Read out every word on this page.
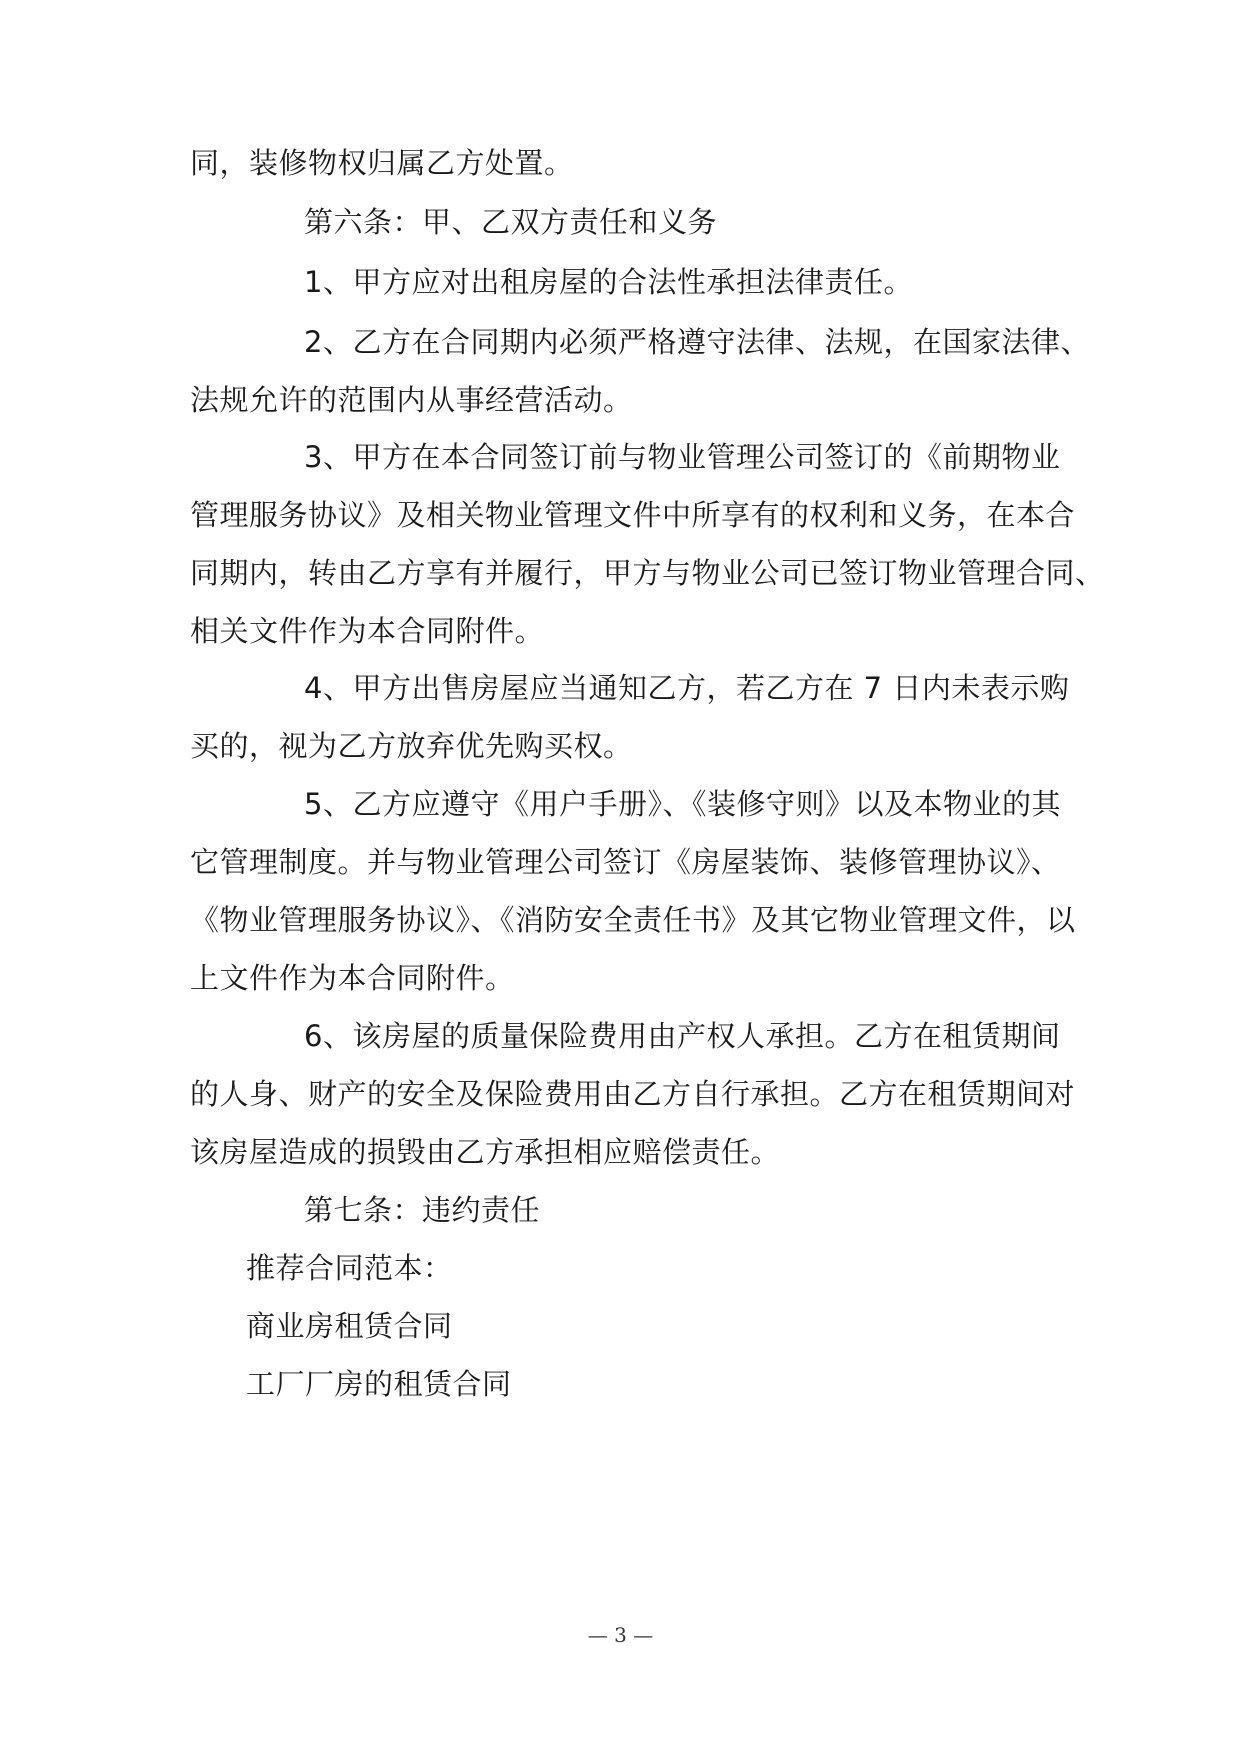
同，装修物权归属乙方处置。
第六条：甲、乙双方责任和义务
1、甲方应对出租房屋的合法性承担法律责任。
2、乙方在合同期内必须严格遵守法律、法规，在国家法律、
法规允许的范围内从事经营活动。
3、甲方在本合同签订前与物业管理公司签订的《前期物业
管理服务协议》及相关物业管理文件中所享有的权利和义务，在本合
同期内，转由乙方享有并履行，甲方与物业公司已签订物业管理合同、
相关文件作为本合同附件。
4、甲方出售房屋应当通知乙方，若乙方在 7 日内未表示购
买的，视为乙方放弃优先购买权。
5、乙方应遵守《用户手册》、《装修守则》以及本物业的其
它管理制度。并与物业管理公司签订《房屋装饰、装修管理协议》、
《物业管理服务协议》、《消防安全责任书》及其它物业管理文件，以
上文件作为本合同附件。
6、该房屋的质量保险费用由产权人承担。乙方在租赁期间
的人身、财产的安全及保险费用由乙方自行承担。乙方在租赁期间对
该房屋造成的损毁由乙方承担相应赔偿责任。
第七条：违约责任
推荐合同范本：
商业房租赁合同
工厂厂房的租赁合同
— 3 —
